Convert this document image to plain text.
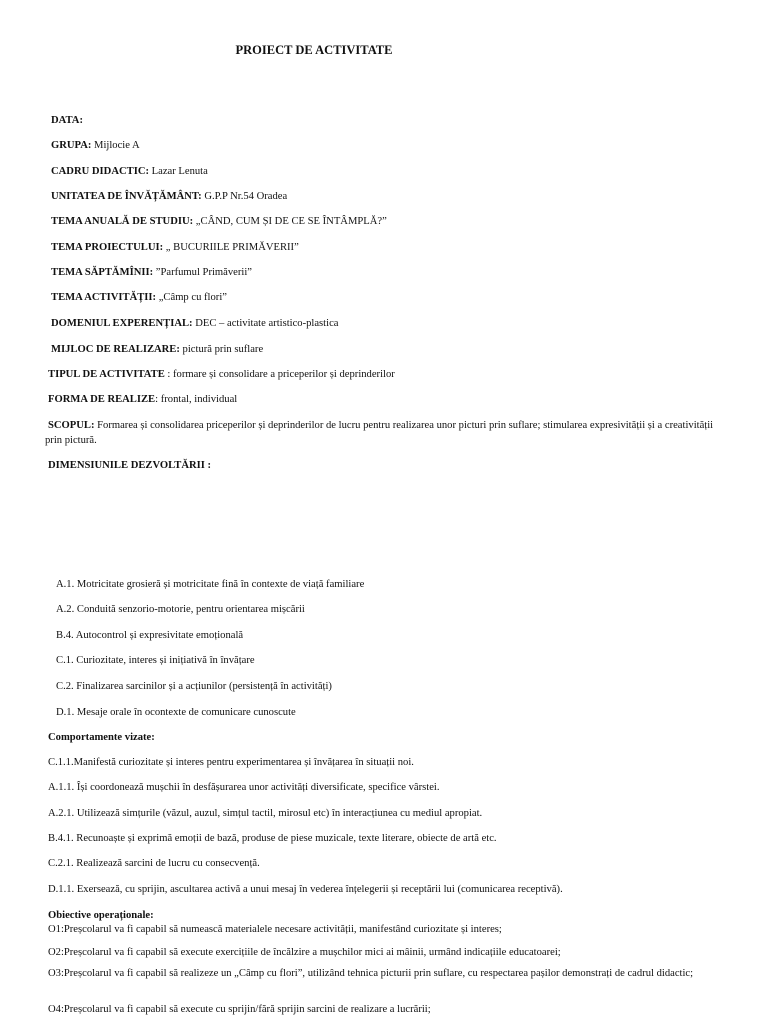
PROIECT DE ACTIVITATE
DATA:
GRUPA: Mijlocie A
CADRU DIDACTIC: Lazar Lenuta
UNITATEA DE ÎNVĂȚĂMÂNT: G.P.P Nr.54 Oradea
TEMA ANUALĂ DE STUDIU: „CÂND, CUM ȘI DE CE SE ÎNTÂMPLĂ?”
TEMA PROIECTULUI: „ BUCURIILE PRIMĂVERII”
TEMA SĂPTĂMÎNII: ”Parfumul Primăverii”
TEMA ACTIVITĂȚII: „Câmp cu flori”
DOMENIUL EXPERENȚIAL: DEC – activitate artistico-plastica
MIJLOC DE REALIZARE: pictură prin suflare
TIPUL DE ACTIVITATE : formare și consolidare a priceperilor și deprinderilor
FORMA DE REALIZE: frontal, individual
SCOPUL: Formarea și consolidarea priceperilor și deprinderilor de lucru pentru realizarea unor picturi prin suflare; stimularea expresivității și a creativității prin pictură.
DIMENSIUNILE DEZVOLTĂRII :
A.1. Motricitate grosieră și motricitate fină în contexte de viață familiare
A.2. Conduită senzorio-motorie, pentru orientarea mișcării
B.4. Autocontrol și expresivitate emoțională
C.1. Curiozitate, interes și inițiativă în învățare
C.2. Finalizarea sarcinilor și a acțiunilor (persistență în activități)
D.1. Mesaje orale în ocontexte de comunicare cunoscute
Comportamente vizate:
C.1.1.Manifestă curiozitate și interes pentru experimentarea și învățarea în situații noi.
A.1.1. Își coordonează mușchii în desfășurarea unor activități diversificate, specifice vârstei.
A.2.1. Utilizează simțurile (văzul, auzul, simțul tactil, mirosul etc) în interacțiunea cu mediul apropiat.
B.4.1. Recunoaște și exprimă emoții de bază, produse de piese muzicale, texte literare, obiecte de artă etc.
C.2.1. Realizează sarcini de lucru cu consecvență.
D.1.1. Exersează, cu sprijin, ascultarea activă a unui mesaj în vederea înțelegerii și receptării lui (comunicarea receptivă).
Obiective operaționale:
O1:Preșcolarul va fi capabil să numească materialele necesare activității, manifestând curiozitate și interes;
O2:Preșcolarul va fi capabil să execute exercițiile de încălzire a mușchilor mici ai mâinii, urmând indicațiile educatoarei;
O3:Preșcolarul va fi capabil să realizeze un „Câmp cu flori”, utilizând tehnica picturii prin suflare, cu respectarea pașilor demonstrați de cadrul didactic;
O4:Preșcolarul va fi capabil să execute cu sprijin/fără sprijin sarcini de realizare a lucrării;
